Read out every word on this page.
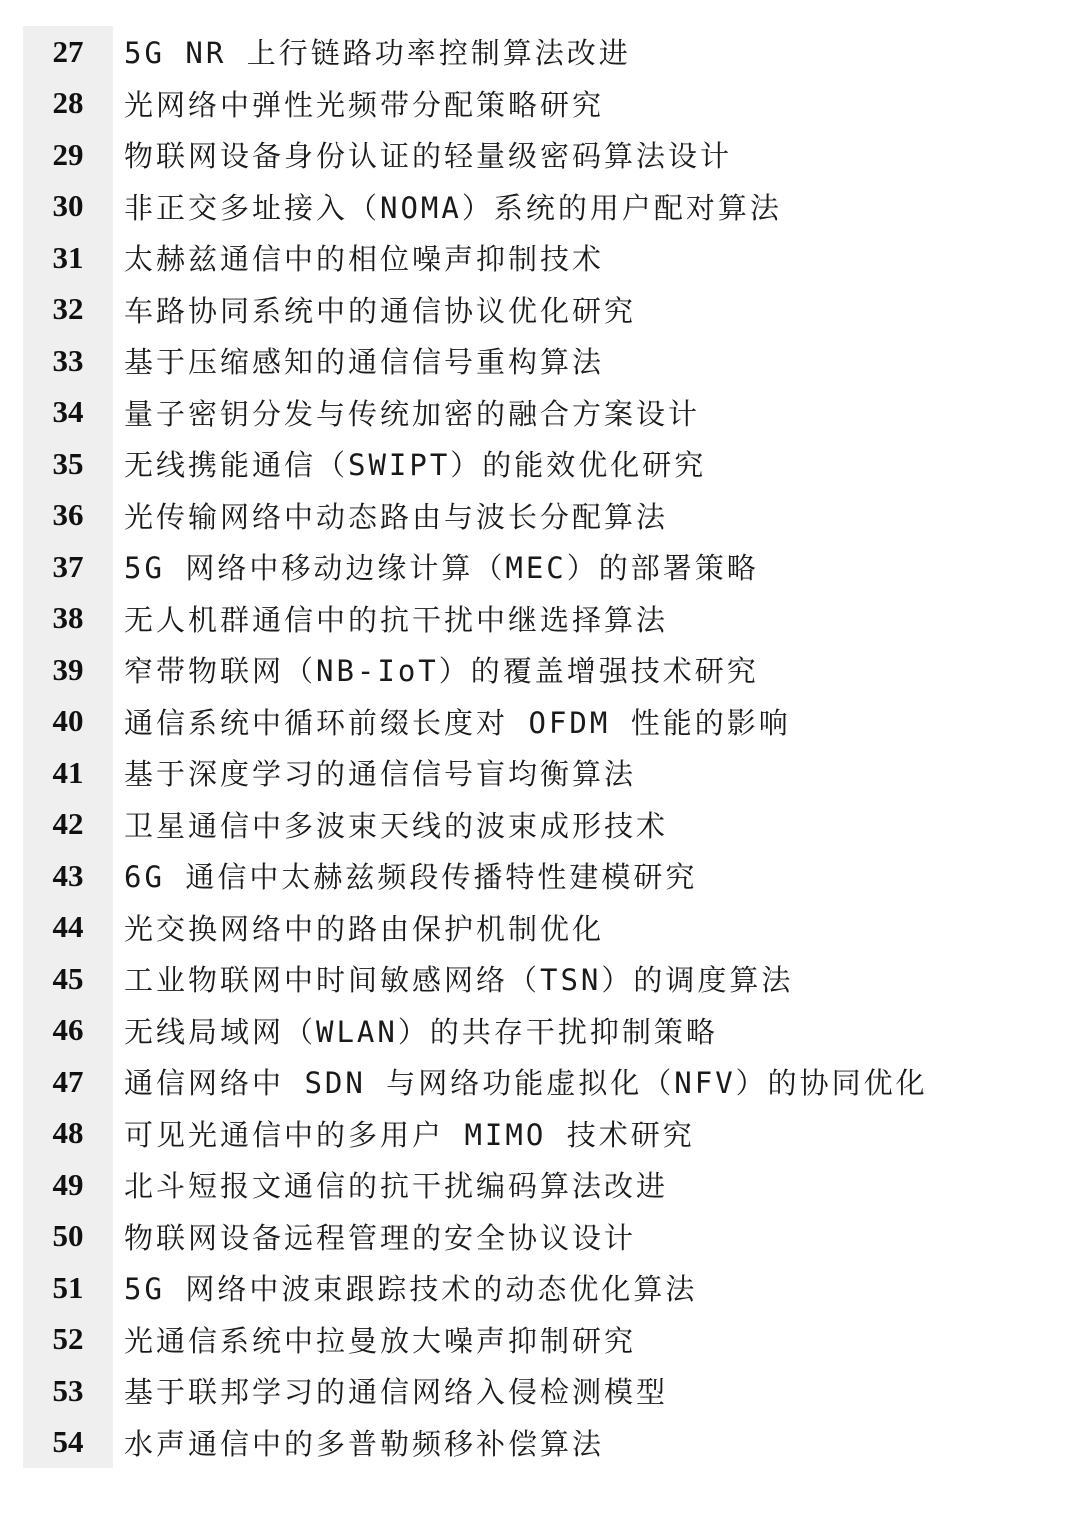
27	5G NR 上行链路功率控制算法改进
28	光网络中弹性光频带分配策略研究
29	物联网设备身份认证的轻量级密码算法设计
30	非正交多址接入（NOMA）系统的用户配对算法
31	太赫兹通信中的相位噪声抑制技术
32	车路协同系统中的通信协议优化研究
33	基于压缩感知的通信信号重构算法
34	量子密钥分发与传统加密的融合方案设计
35	无线携能通信（SWIPT）的能效优化研究
36	光传输网络中动态路由与波长分配算法
37	5G 网络中移动边缘计算（MEC）的部署策略
38	无人机群通信中的抗干扰中继选择算法
39	窄带物联网（NB-IoT）的覆盖增强技术研究
40	通信系统中循环前缀长度对 OFDM 性能的影响
41	基于深度学习的通信信号盲均衡算法
42	卫星通信中多波束天线的波束成形技术
43	6G 通信中太赫兹频段传播特性建模研究
44	光交换网络中的路由保护机制优化
45	工业物联网中时间敏感网络（TSN）的调度算法
46	无线局域网（WLAN）的共存干扰抑制策略
47	通信网络中 SDN 与网络功能虚拟化（NFV）的协同优化
48	可见光通信中的多用户 MIMO 技术研究
49	北斗短报文通信的抗干扰编码算法改进
50	物联网设备远程管理的安全协议设计
51	5G 网络中波束跟踪技术的动态优化算法
52	光通信系统中拉曼放大噪声抑制研究
53	基于联邦学习的通信网络入侵检测模型
54	水声通信中的多普勒频移补偿算法
